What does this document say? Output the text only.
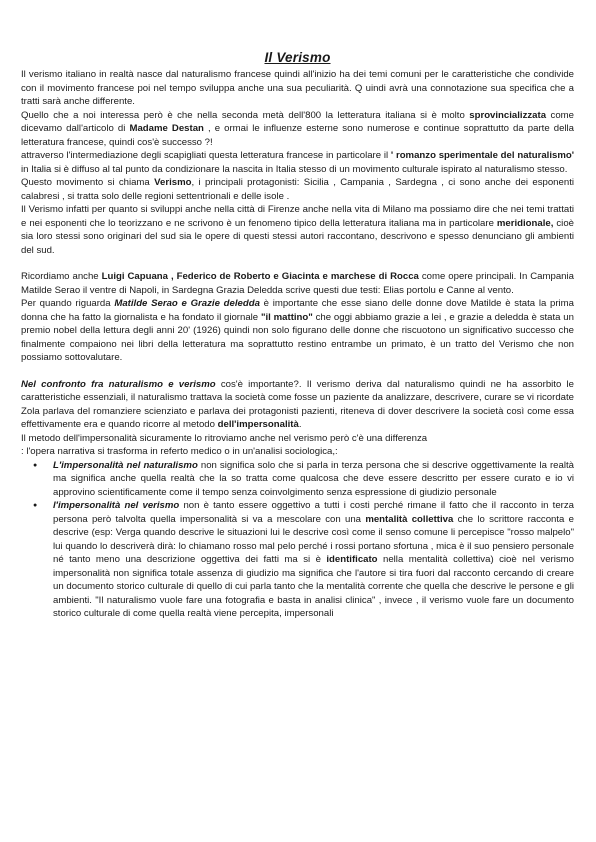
Il Verismo

Il verismo italiano in realtà nasce dal naturalismo francese quindi all'inizio ha dei temi comuni per le caratteristiche che condivide con il movimento francese poi nel tempo sviluppa anche una sua peculiarità. Q uindi avrà una connotazione sua specifica che a tratti sarà anche differente.

Quello che a noi interessa però è che nella seconda metà dell'800 la letteratura italiana si è molto sprovincializzata come dicevamo dall'articolo di Madame Destan , e ormai le influenze esterne sono numerose e continue soprattutto da parte della letteratura francese, quindi cos'è successo ?!

attraverso l'intermediazione degli scapigliati questa letteratura francese in particolare il ' romanzo sperimentale del naturalismo' in Italia si è diffuso al tal punto da condizionare la nascita in Italia stesso di un movimento culturale ispirato al naturalismo stesso.

Questo movimento si chiama Verismo, i principali protagonisti: Sicilia , Campania , Sardegna , ci sono anche dei esponenti calabresi , si tratta solo delle regioni settentrionali e delle isole .

Il Verismo infatti per quanto si sviluppi anche nella città di Firenze anche nella vita di Milano ma possiamo dire che nei temi trattati e nei esponenti che lo teorizzano e ne scrivono è un fenomeno tipico della letteratura italiana ma in particolare meridionale, cioè sia loro stessi sono originari del sud sia le opere di questi stessi autori raccontano, descrivono e spesso denunciano gli ambienti del sud.

Ricordiamo anche Luigi Capuana , Federico de Roberto e Giacinta e marchese di Rocca come opere principali. In Campania Matilde Serao il ventre di Napoli, in Sardegna Grazia Deledda scrive questi due testi: Elias portolu e Canne al vento.

Per quando riguarda Matilde Serao e Grazie deledda è importante che esse siano delle donne dove Matilde è stata la prima donna che ha fatto la giornalista e ha fondato il giornale "il mattino" che oggi abbiamo grazie a lei , e grazie a deledda è stata un premio nobel della lettura degli anni 20' (1926) quindi non solo figurano delle donne che riscuotono un significativo successo che finalmente compaiono nei libri della letteratura ma soprattutto restino entrambe un primato, è un tratto del Verismo che non possiamo sottovalutare.

Nel confronto fra naturalismo e verismo cos'è importante?. Il verismo deriva dal naturalismo quindi ne ha assorbito le caratteristiche essenziali, il naturalismo trattava la società come fosse un paziente da analizzare, descrivere, curare se vi ricordate Zola parlava del romanziere scienziato e parlava dei protagonisti pazienti, riteneva di dover descrivere la società così come essa effettivamente era e quando ricorre al metodo dell'impersonalità.

Il metodo dell'impersonalità sicuramente lo ritroviamo anche nel verismo però c'è una differenza

: l'opera narrativa si trasforma in referto medico o in un'analisi sociologica,:

● L'impersonalità nel naturalismo non significa solo che si parla in terza persona che si descrive oggettivamente la realtà ma significa anche quella realtà che la so tratta come qualcosa che deve essere descritto per essere curato e io vi approvino scientificamente come il tempo senza coinvolgimento senza espressione di giudizio personale
● l'impersonalità nel verismo non è tanto essere oggettivo a tutti i costi perché rimane il fatto che il racconto in terza persona però talvolta quella impersonalità si va a mescolare con una mentalità collettiva che lo scrittore racconta e descrive (esp: Verga quando descrive le situazioni lui le descrive così come il senso comune li percepisce "rosso malpelo" lui quando lo descriverà dirà: lo chiamano rosso mal pelo perché i rossi portano sfortuna , mica è il suo pensiero personale né tanto meno una descrizione oggettiva dei fatti ma si è identificato nella mentalità collettiva) cioè nel verismo impersonalità non significa totale assenza di giudizio ma significa che l'autore si tira fuori dal racconto cercando di creare un documento storico culturale di quello di cui parla tanto che la mentalità corrente che quella che descrive le persone e gli ambienti. "Il naturalismo vuole fare una fotografia e basta in analisi clinica" , invece , il verismo vuole fare un documento storico culturale di come quella realtà viene percepita, impersonali
